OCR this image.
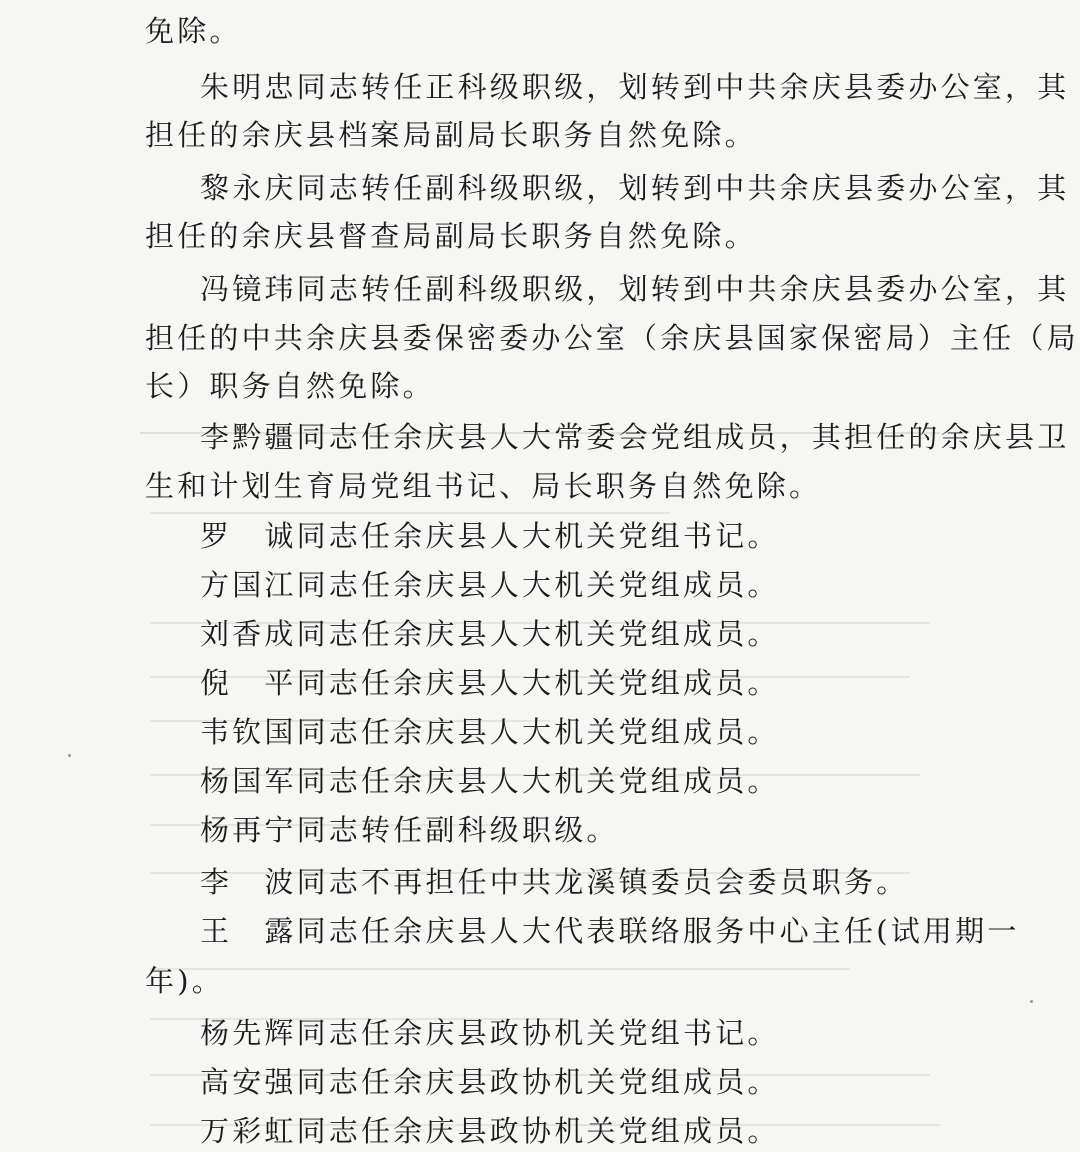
免除。
朱明忠同志转任正科级职级，划转到中共余庆县委办公室，其
担任的余庆县档案局副局长职务自然免除。
黎永庆同志转任副科级职级，划转到中共余庆县委办公室，其
担任的余庆县督查局副局长职务自然免除。
冯镜玮同志转任副科级职级，划转到中共余庆县委办公室，其
担任的中共余庆县委保密委办公室（余庆县国家保密局）主任（局
长）职务自然免除。
李黔疆同志任余庆县人大常委会党组成员，其担任的余庆县卫
生和计划生育局党组书记、局长职务自然免除。
罗　诚同志任余庆县人大机关党组书记。
方国江同志任余庆县人大机关党组成员。
刘香成同志任余庆县人大机关党组成员。
倪　平同志任余庆县人大机关党组成员。
韦钦国同志任余庆县人大机关党组成员。
杨国军同志任余庆县人大机关党组成员。
杨再宁同志转任副科级职级。
李　波同志不再担任中共龙溪镇委员会委员职务。
王　露同志任余庆县人大代表联络服务中心主任(试用期一
年)。
杨先辉同志任余庆县政协机关党组书记。
高安强同志任余庆县政协机关党组成员。
万彩虹同志任余庆县政协机关党组成员。
